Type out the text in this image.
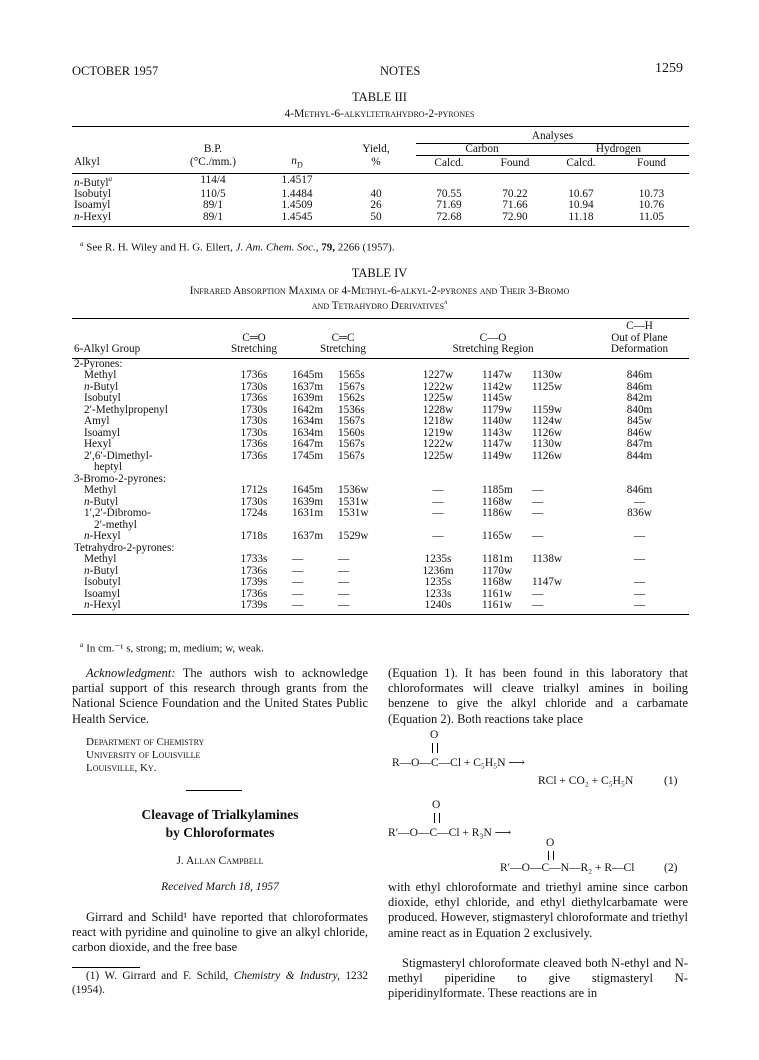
OCTOBER 1957	NOTES	1259
TABLE III
4-Methyl-6-alkyltetrahydro-2-pyrones

				Analyses			
	B.P.		Yield,	Carbon		Hydrogen	
Alkyl	(°C./mm.)	$n_D$	%	Calcd.	Found	Calcd.	Found

n-Butyl$^a$	114/4	1.4517					
Isobutyl	110/5	1.4484	40	70.55	70.22	10.67	10.73
Isoamyl	89/1	1.4509	26	71.69	71.66	10.94	10.76
n-Hexyl	89/1	1.4545	50	72.68	72.90	11.18	11.05

$^a$ See R. H. Wiley and H. G. Ellert, J. Am. Chem. Soc., 79, 2266 (1957).
TABLE IV
Infrared Absorption Maxima of 4-Methyl-6-alkyl-2-pyrones and Their 3-Bromo
and Tetrahydro Derivatives$^a$

							C—H
	C═O	C═C		C—O			Out of Plane
6-Alkyl Group	Stretching	Stretching		Stretching Region			Deformation

2-Pyrones:							
Methyl	1736s	1645m	1565s	1227w	1147w	1130w	846m
n-Butyl	1730s	1637m	1567s	1222w	1142w	1125w	846m
Isobutyl	1736s	1639m	1562s	1225w	1145w		842m
2′-Methylpropenyl	1730s	1642m	1536s	1228w	1179w	1159w	840m
Amyl	1730s	1634m	1567s	1218w	1140w	1124w	845w
Isoamyl	1730s	1634m	1560s	1219w	1143w	1126w	846w
Hexyl	1736s	1647m	1567s	1222w	1147w	1130w	847m
2′,6′-Dimethyl-	1736s	1745m	1567s	1225w	1149w	1126w	844m
heptyl							
3-Bromo-2-pyrones:							
Methyl	1712s	1645m	1536w	—	1185m	—	846m
n-Butyl	1730s	1639m	1531w	—	1168w	—	—
1′,2′-Dibromo-	1724s	1631m	1531w	—	1186w	—	836w
2′-methyl							
n-Hexyl	1718s	1637m	1529w	—	1165w	—	—
Tetrahydro-2-pyrones:							
Methyl	1733s	—	—	1235s	1181m	1138w	—
n-Butyl	1736s	—	—	1236m	1170w		
Isobutyl	1739s	—	—	1235s	1168w	1147w	—
Isoamyl	1736s	—	—	1233s	1161w	—	—
n-Hexyl	1739s	—	—	1240s	1161w	—	—

$^a$ In cm.⁻¹ s, strong; m, medium; w, weak.
Acknowledgment: The authors wish to acknowledge partial support of this research through grants from the National Science Foundation and the United States Public Health Service.
Department of Chemistry
University of Louisville
Louisville, Ky.
Cleavage of Trialkylamines
by Chloroformates
J. Allan Campbell
Received March 18, 1957
Girrard and Schild¹ have reported that chloroformates react with pyridine and quinoline to give an alkyl chloride, carbon dioxide, and the free base
(1) W. Girrard and F. Schild, Chemistry & Industry, 1232 (1954).
(Equation 1). It has been found in this laboratory that chloroformates will cleave trialkyl amines in boiling benzene to give the alkyl chloride and a carbamate (Equation 2). Both reactions take place
O
R—O—C—Cl + C₅H₅N ⟶
RCl + CO₂ + C₅H₅N	(1)
O
R′—O—C—Cl + R₃N ⟶
O
R′—O—C—N—R₂ + R—Cl	(2)
with ethyl chloroformate and triethyl amine since carbon dioxide, ethyl chloride, and ethyl diethylcarbamate were produced. However, stigmasteryl chloroformate and triethyl amine react as in Equation 2 exclusively.
Stigmasteryl chloroformate cleaved both N-ethyl and N-methyl piperidine to give stigmasteryl N-piperidinylformate. These reactions are in
